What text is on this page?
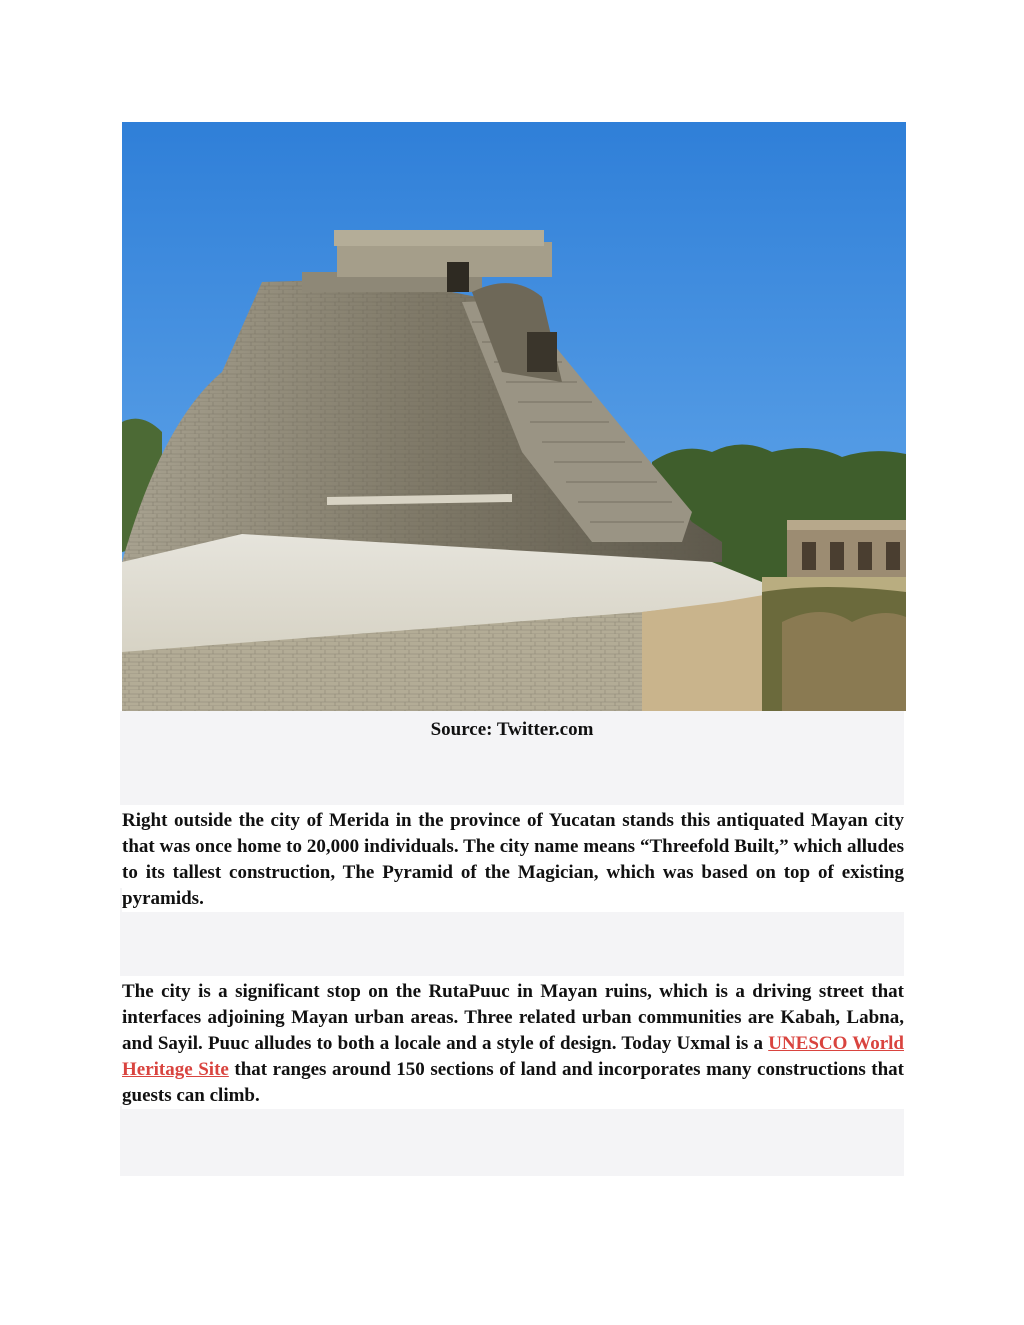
Source: Twitter.com

Right outside the city of Merida in the province of Yucatan stands this antiquated Mayan city that was once home to 20,000 individuals. The city name means “Threefold Built,” which alludes to its tallest construction, The Pyramid of the Magician, which was based on top of existing pyramids.

The city is a significant stop on the RutaPuuc in Mayan ruins, which is a driving street that interfaces adjoining Mayan urban areas. Three related urban communities are Kabah, Labna, and Sayil. Puuc alludes to both a locale and a style of design. Today Uxmal is a UNESCO World Heritage Site that ranges around 150 sections of land and incorporates many constructions that guests can climb.
